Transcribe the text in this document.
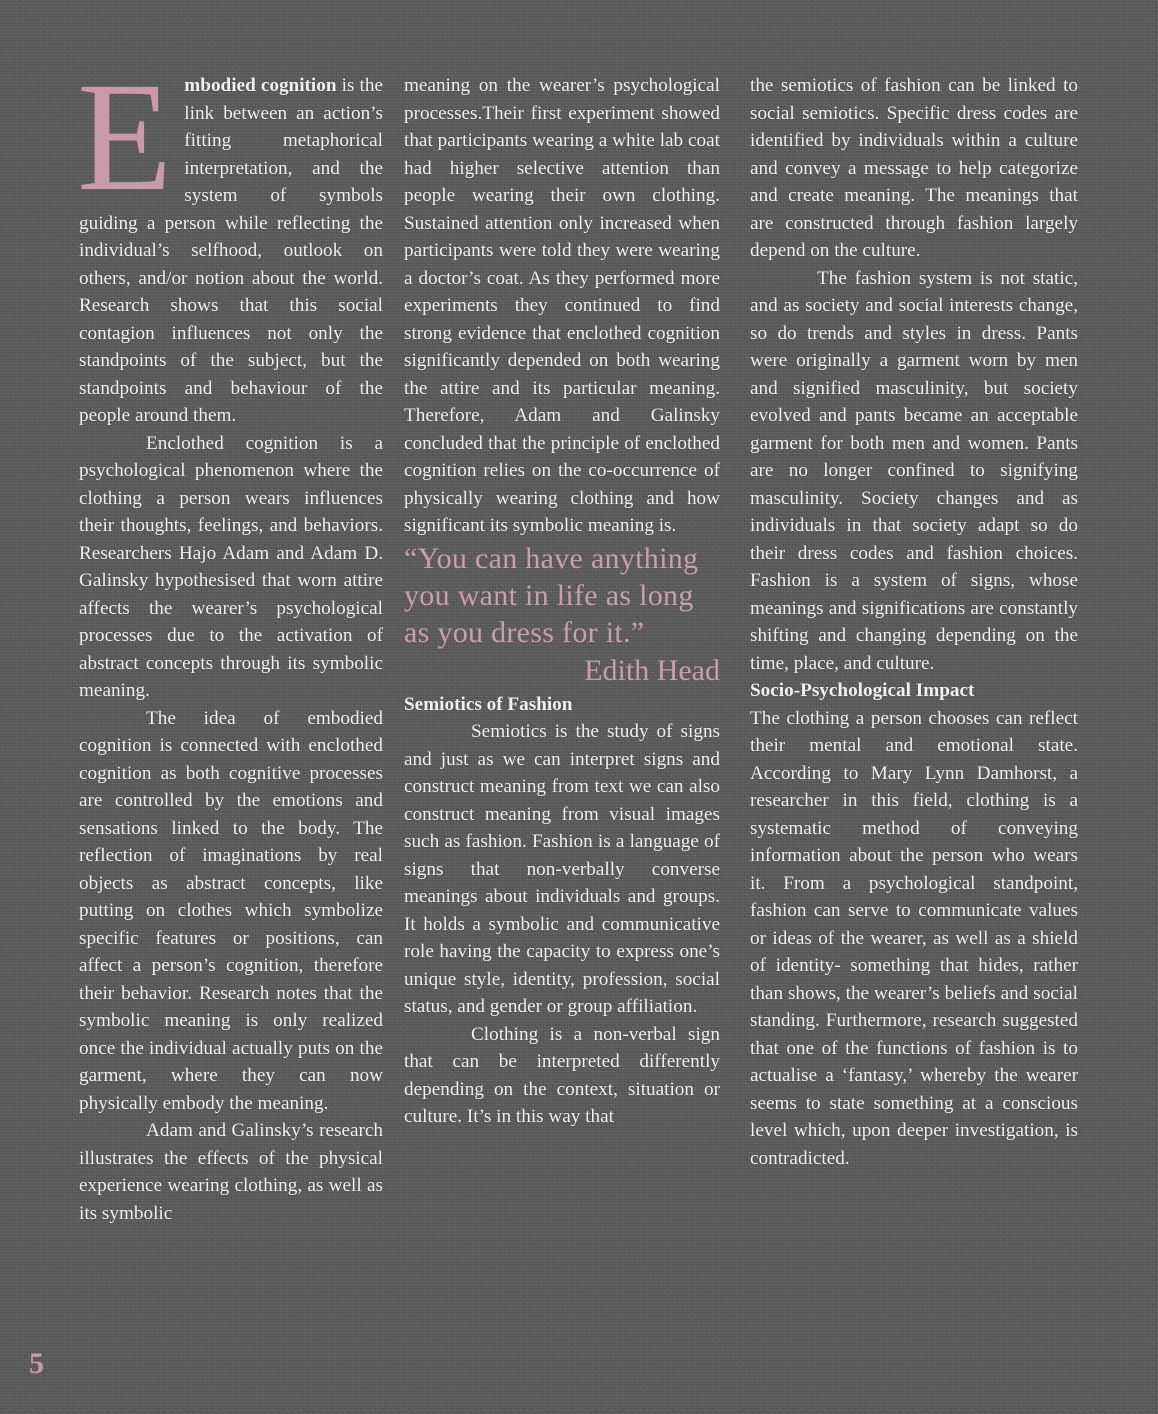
Embodied cognition is the link between an action’s fitting metaphorical interpretation, and the system of symbols guiding a person while reflecting the individual’s selfhood, outlook on others, and/or notion about the world. Research shows that this social contagion influences not only the standpoints of the subject, but the standpoints and behaviour of the people around them.

Enclothed cognition is a psychological phenomenon where the clothing a person wears influences their thoughts, feelings, and behaviors. Researchers Hajo Adam and Adam D. Galinsky hypothesised that worn attire affects the wearer’s psychological processes due to the activation of abstract concepts through its symbolic meaning.

The idea of embodied cognition is connected with enclothed cognition as both cognitive processes are controlled by the emotions and sensations linked to the body. The reflection of imaginations by real objects as abstract concepts, like putting on clothes which symbolize specific features or positions, can affect a person’s cognition, therefore their behavior. Research notes that the symbolic meaning is only realized once the individual actually puts on the garment, where they can now physically embody the meaning.

Adam and Galinsky’s research illustrates the effects of the physical experience wearing clothing, as well as its symbolic

meaning on the wearer’s psychological processes.Their first experiment showed that participants wearing a white lab coat had higher selective attention than people wearing their own clothing. Sustained attention only increased when participants were told they were wearing a doctor’s coat. As they performed more experiments they continued to find strong evidence that enclothed cognition significantly depended on both wearing the attire and its particular meaning. Therefore, Adam and Galinsky concluded that the principle of enclothed cognition relies on the co-occurrence of physically wearing clothing and how significant its symbolic meaning is.

“You can have anything you want in life as long as you dress for it.”

Edith Head

Semiotics of Fashion

Semiotics is the study of signs and just as we can interpret signs and construct meaning from text we can also construct meaning from visual images such as fashion. Fashion is a language of signs that non-verbally converse meanings about individuals and groups. It holds a symbolic and communicative role having the capacity to express one’s unique style, identity, profession, social status, and gender or group affiliation.

Clothing is a non-verbal sign that can be interpreted differently depending on the context, situation or culture. It’s in this way that

the semiotics of fashion can be linked to social semiotics. Specific dress codes are identified by individuals within a culture and convey a message to help categorize and create meaning. The meanings that are constructed through fashion largely depend on the culture.

The fashion system is not static, and as society and social interests change, so do trends and styles in dress. Pants were originally a garment worn by men and signified masculinity, but society evolved and pants became an acceptable garment for both men and women. Pants are no longer confined to signifying masculinity. Society changes and as individuals in that society adapt so do their dress codes and fashion choices. Fashion is a system of signs, whose meanings and significations are constantly shifting and changing depending on the time, place, and culture.

Socio-Psychological Impact

The clothing a person chooses can reflect their mental and emotional state. According to Mary Lynn Damhorst, a researcher in this field, clothing is a systematic method of conveying information about the person who wears it. From a psychological standpoint, fashion can serve to communicate values or ideas of the wearer, as well as a shield of identity- something that hides, rather than shows, the wearer’s beliefs and social standing. Furthermore, research suggested that one of the functions of fashion is to actualise a ‘fantasy,’ whereby the wearer seems to state something at a conscious level which, upon deeper investigation, is contradicted.

5
